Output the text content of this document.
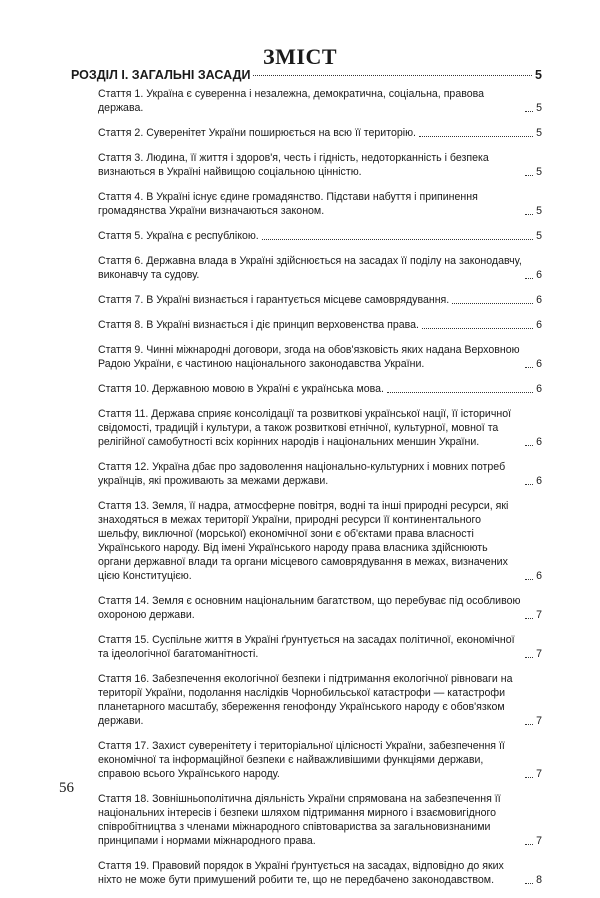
ЗМІСТ
РОЗДІЛ І. ЗАГАЛЬНІ ЗАСАДИ	5
Стаття 1. Україна є суверенна і незалежна, демократична, соціальна, правова держава.	5
Стаття 2. Суверенітет України поширюється на всю її територію.	5
Стаття 3. Людина, її життя і здоров'я, честь і гідність, недоторканність і безпека визнаються в Україні найвищою соціальною цінністю.	5
Стаття 4. В Україні існує єдине громадянство. Підстави набуття і припинення громадянства України визначаються законом.	5
Стаття 5. Україна є республікою.	5
Стаття 6. Державна влада в Україні здійснюється на засадах її поділу на законодавчу, виконавчу та судову.	6
Стаття 7. В Україні визнається і гарантується місцеве самоврядування.	6
Стаття 8. В Україні визнається і діє принцип верховенства права.	6
Стаття 9. Чинні міжнародні договори, згода на обов'язковість яких надана Верховною Радою України, є частиною національного законодавства України.	6
Стаття 10. Державною мовою в Україні є українська мова.	6
Стаття 11. Держава сприяє консолідації та розвиткові української нації, її історичної свідомості, традицій і культури, а також розвиткові етнічної, культурної, мовної та релігійної самобутності всіх корінних народів і національних меншин України.	6
Стаття 12. Україна дбає про задоволення національно-культурних і мовних потреб українців, які проживають за межами держави.	6
Стаття 13. Земля, її надра, атмосферне повітря, водні та інші природні ресурси, які знаходяться в межах території України, природні ресурси її континентального шельфу, виключної (морської) економічної зони є об'єктами права власності Українського народу. Від імені Українського народу права власника здійснюють органи державної влади та органи місцевого самоврядування в межах, визначених цією Конституцією.	6
Стаття 14. Земля є основним національним багатством, що перебуває під особливою охороною держави.	7
Стаття 15. Суспільне життя в Україні ґрунтується на засадах політичної, економічної та ідеологічної багатоманітності.	7
Стаття 16. Забезпечення екологічної безпеки і підтримання екологічної рівноваги на території України, подолання наслідків Чорнобильської катастрофи — катастрофи планетарного масштабу, збереження генофонду Українського народу є обов'язком держави.	7
Стаття 17. Захист суверенітету і територіальної цілісності України, забезпечення її економічної та інформаційної безпеки є найважливішими функціями держави, справою всього Українського народу.	7
Стаття 18. Зовнішньополітична діяльність України спрямована на забезпечення її національних інтересів і безпеки шляхом підтримання мирного і взаємовигідного співробітництва з членами міжнародного співтовариства за загальновизнаними принципами і нормами міжнародного права.	7
Стаття 19. Правовий порядок в Україні ґрунтується на засадах, відповідно до яких ніхто не може бути примушений робити те, що не передбачено законодавством.	8
56
